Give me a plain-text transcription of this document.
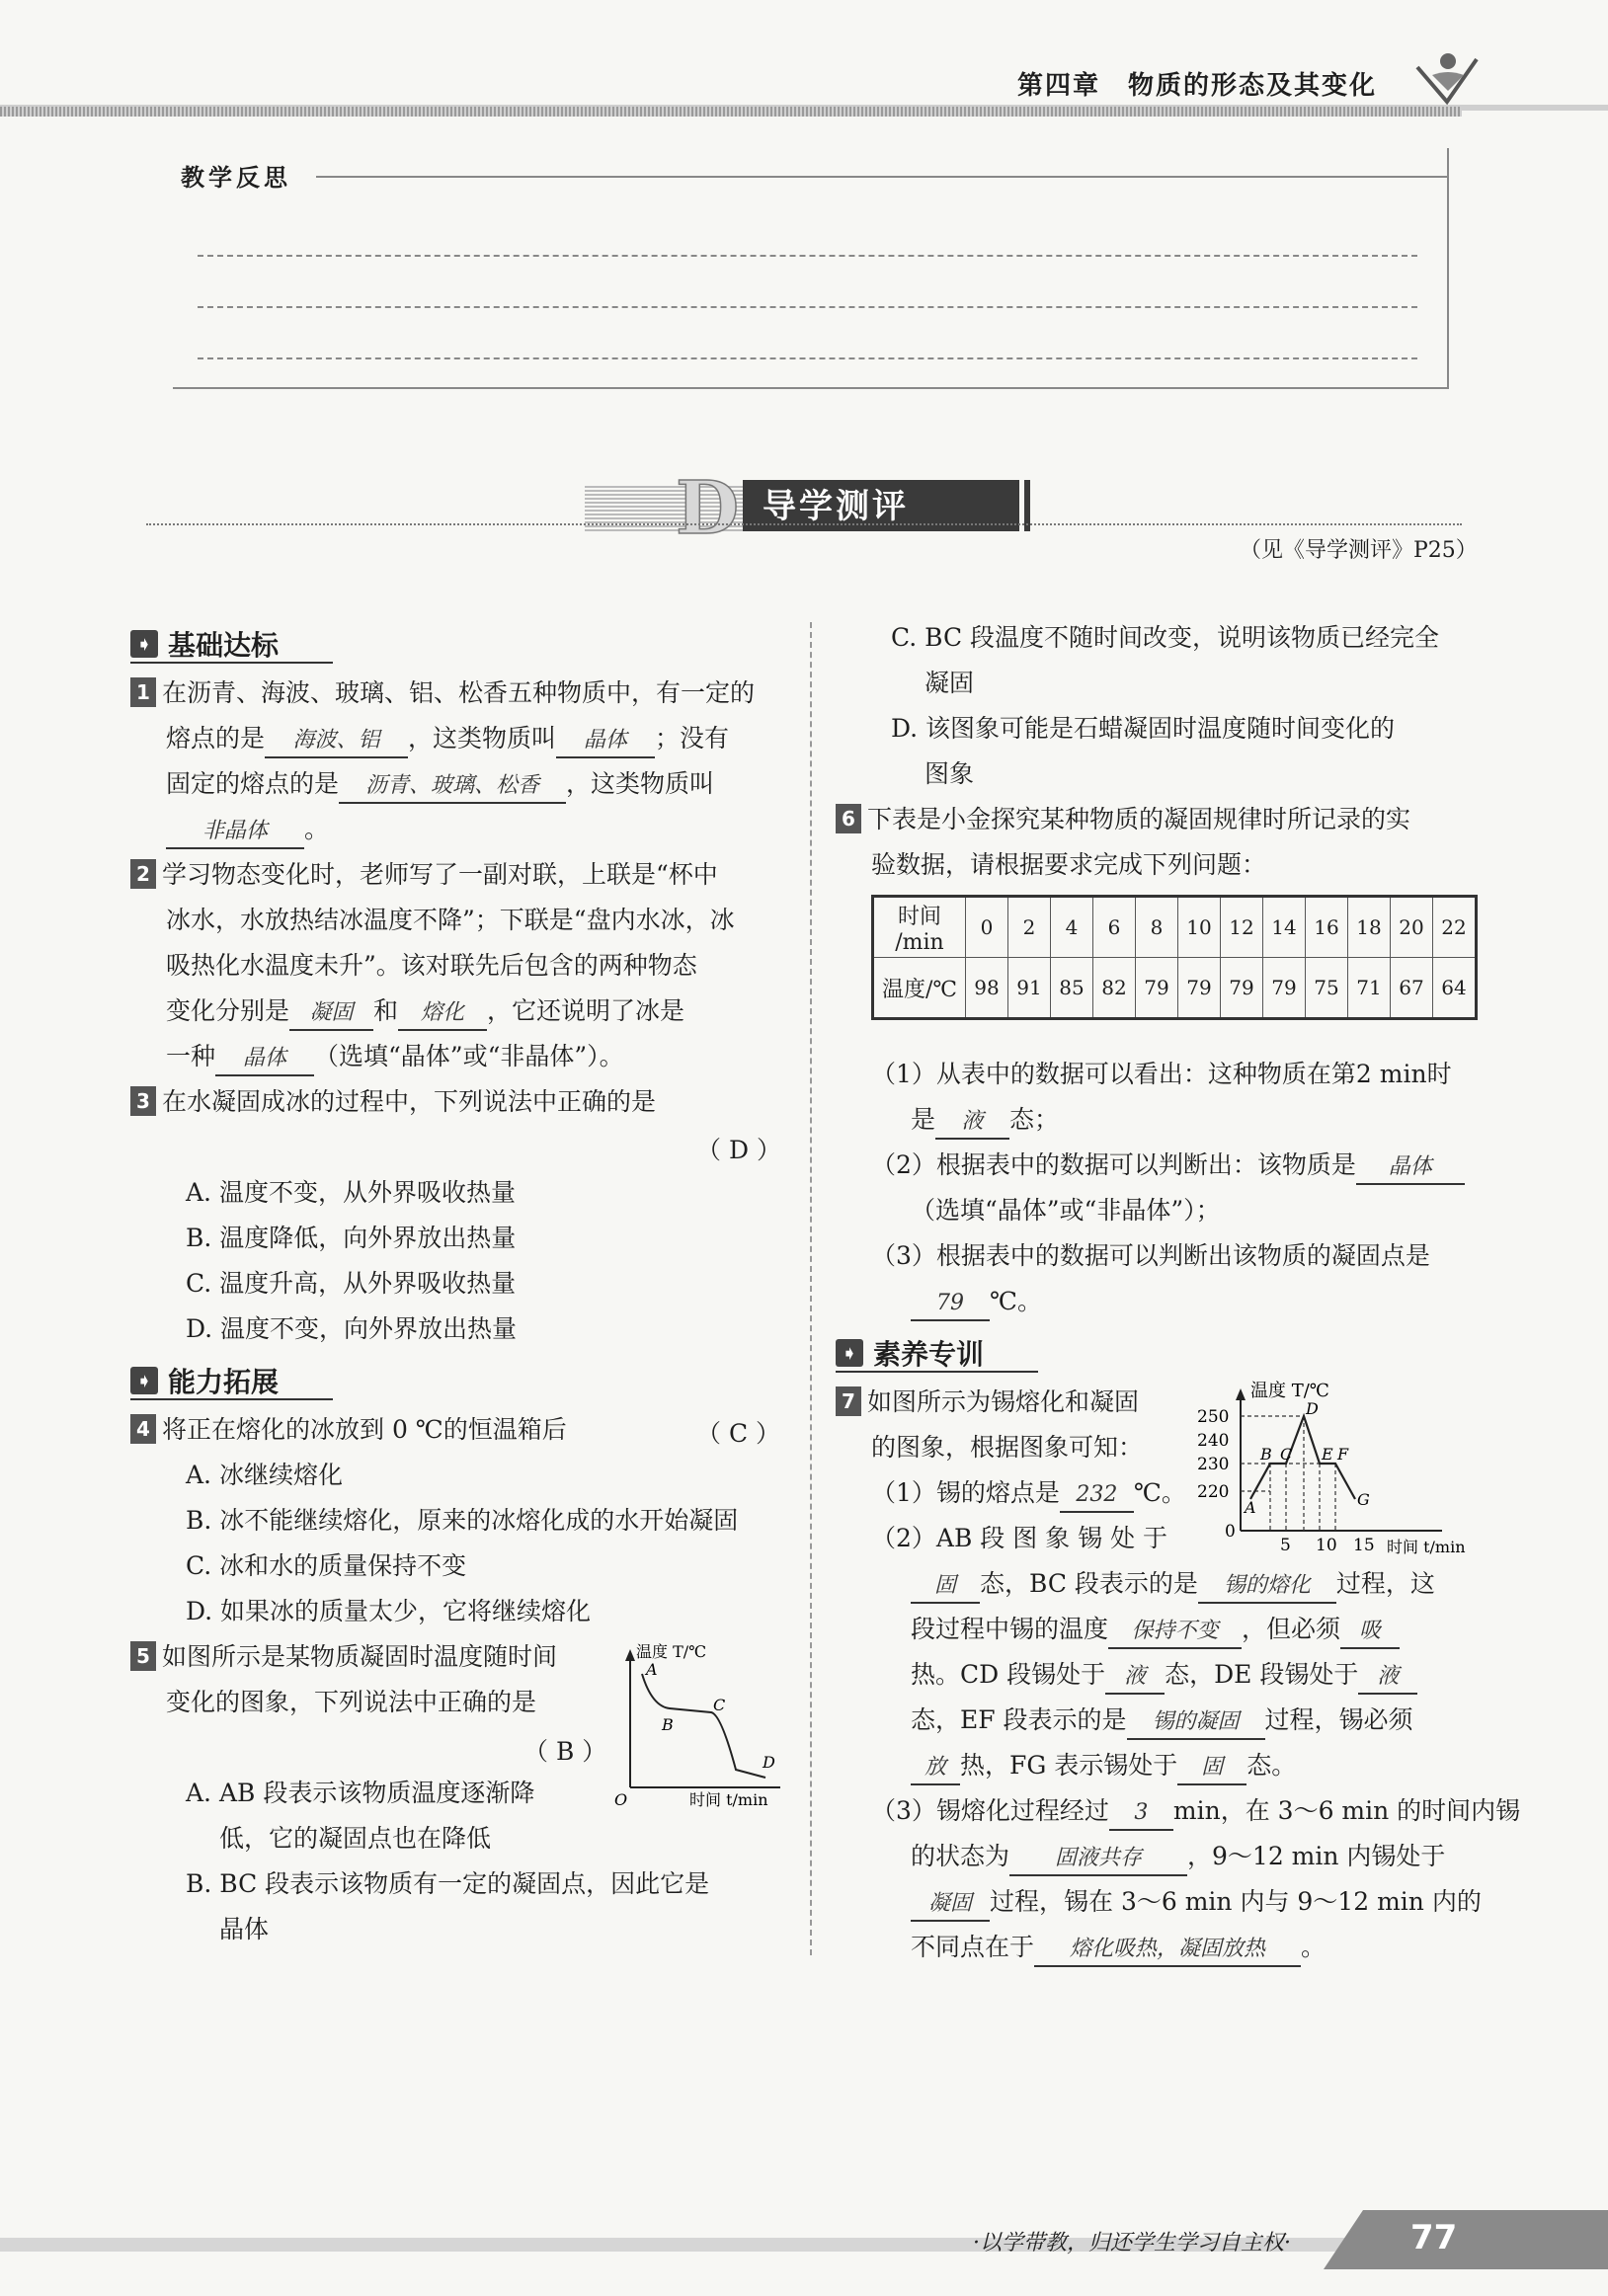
第四章　物质的形态及其变化
教学反思
D 导学测评
（见《导学测评》P25）
➧ 基础达标
1 在沥青、海波、玻璃、铝、松香五种物质中，有一定的
熔点的是 海波、铝 ，这类物质叫 晶体 ；没有
固定的熔点的是 沥青、玻璃、松香 ，这类物质叫
非晶体 。
2 学习物态变化时，老师写了一副对联，上联是“杯中
冰水，水放热结冰温度不降”；下联是“盘内水冰，冰
吸热化水温度未升”。该对联先后包含的两种物态
变化分别是 凝固 和 熔化 ，它还说明了冰是
一种 晶体 （选填“晶体”或“非晶体”）。
3 在水凝固成冰的过程中，下列说法中正确的是
（ D ）
A. 温度不变，从外界吸收热量
B. 温度降低，向外界放出热量
C. 温度升高，从外界吸收热量
D. 温度不变，向外界放出热量
➧ 能力拓展
4 将正在熔化的冰放到 0 ℃的恒温箱后	（ C ）
A. 冰继续熔化
B. 冰不能继续熔化，原来的冰熔化成的水开始凝固
C. 冰和水的质量保持不变
D. 如果冰的质量太少，它将继续熔化
5 如图所示是某物质凝固时温度随时间
变化的图象，下列说法中正确的是
（ B ）
A. AB 段表示该物质温度逐渐降
低，它的凝固点也在降低
B. BC 段表示该物质有一定的凝固点，因此它是
晶体
温度 T/℃
时间 t/min
O
A
B
C
D
C. BC 段温度不随时间改变，说明该物质已经完全
凝固
D. 该图象可能是石蜡凝固时温度随时间变化的
图象
6 下表是小金探究某种物质的凝固规律时所记录的实
验数据，请根据要求完成下列问题：
时间
/min	0	2	4	6	8	10	12	14	16	18	20	22
温度/℃	98	91	85	82	79	79	79	79	75	71	67	64
（1）从表中的数据可以看出：这种物质在第2 min时
是 液 态；
（2）根据表中的数据可以判断出：该物质是 晶体
（选填“晶体”或“非晶体”）；
（3）根据表中的数据可以判断出该物质的凝固点是
79 ℃。
➧ 素养专训
7 如图所示为锡熔化和凝固
的图象，根据图象可知：
（1）锡的熔点是 232 ℃。
（2）AB 段 图 象 锡 处 于
固 态，BC 段表示的是 锡的熔化 过程，这
段过程中锡的温度 保持不变 ，但必须 吸
热。CD 段锡处于 液 态，DE 段锡处于 液
态，EF 段表示的是 锡的凝固 过程，锡必须
放 热，FG 表示锡处于 固 态。
（3）锡熔化过程经过 3 min，在 3～6 min 的时间内锡
的状态为 固液共存 ，9～12 min 内锡处于
凝固 过程，锡在 3～6 min 内与 9～12 min 内的
不同点在于 熔化吸热，凝固放热 。
温度 T/℃
时间 t/min
0
250
240
230
220
5 10 15
A
B C
D
E F
G
·以学带教，归还学生学习自主权·	77
